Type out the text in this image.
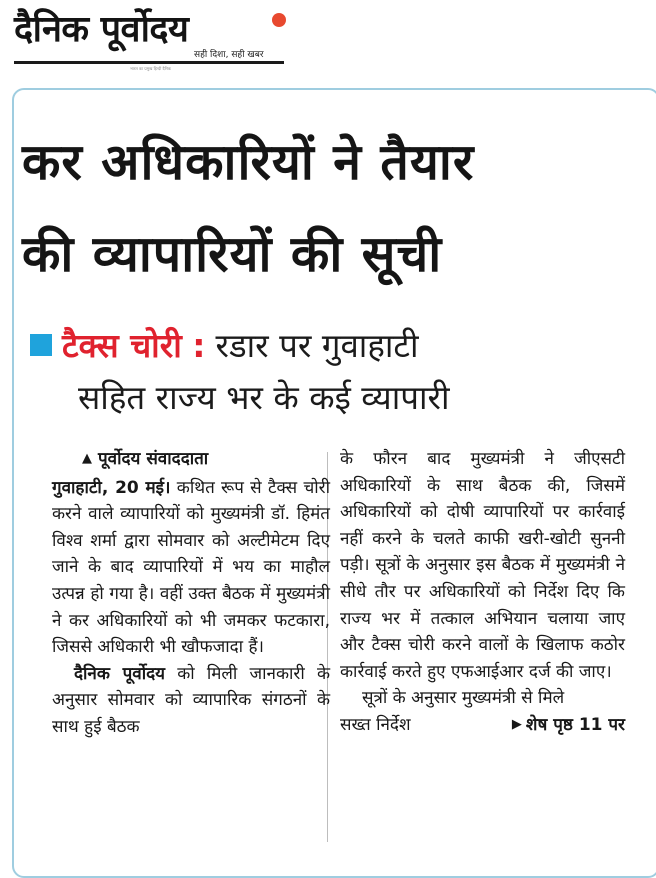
दैनिक पूर्वोदय
सही दिशा, सही खबर
भारत का प्रमुख हिन्दी दैनिक
कर अधिकारियों ने तैयार
की व्यापारियों की सूची
टैक्स चोरी : रडार पर गुवाहाटी
सहित राज्य भर के कई व्यापारी

▲ पूर्वोदय संवाददाता

गुवाहाटी, 20 मई। कथित रूप से टैक्स चोरी करने वाले व्यापारियों को मुख्यमंत्री डॉ. हिमंत विश्व शर्मा द्वारा सोमवार को अल्टीमेटम दिए जाने के बाद व्यापारियों में भय का माहौल उत्पन्न हो गया है। वहीं उक्त बैठक में मुख्यमंत्री ने कर अधिकारियों को भी जमकर फटकारा, जिससे अधिकारी भी खौफजादा हैं।

दैनिक पूर्वोदय को मिली जानकारी के अनुसार सोमवार को व्यापारिक संगठनों के साथ हुई बैठक

के फौरन बाद मुख्यमंत्री ने जीएसटी अधिकारियों के साथ बैठक की, जिसमें अधिकारियों को दोषी व्यापारियों पर कार्रवाई नहीं करने के चलते काफी खरी-खोटी सुननी पड़ी। सूत्रों के अनुसार इस बैठक में मुख्यमंत्री ने सीधे तौर पर अधिकारियों को निर्देश दिए कि राज्य भर में तत्काल अभियान चलाया जाए और टैक्स चोरी करने वालों के खिलाफ कठोर कार्रवाई करते हुए एफआईआर दर्ज की जाए।

सूत्रों के अनुसार मुख्यमंत्री से मिले

सख्त निर्देश	▶ शेष पृष्ठ 11 पर
